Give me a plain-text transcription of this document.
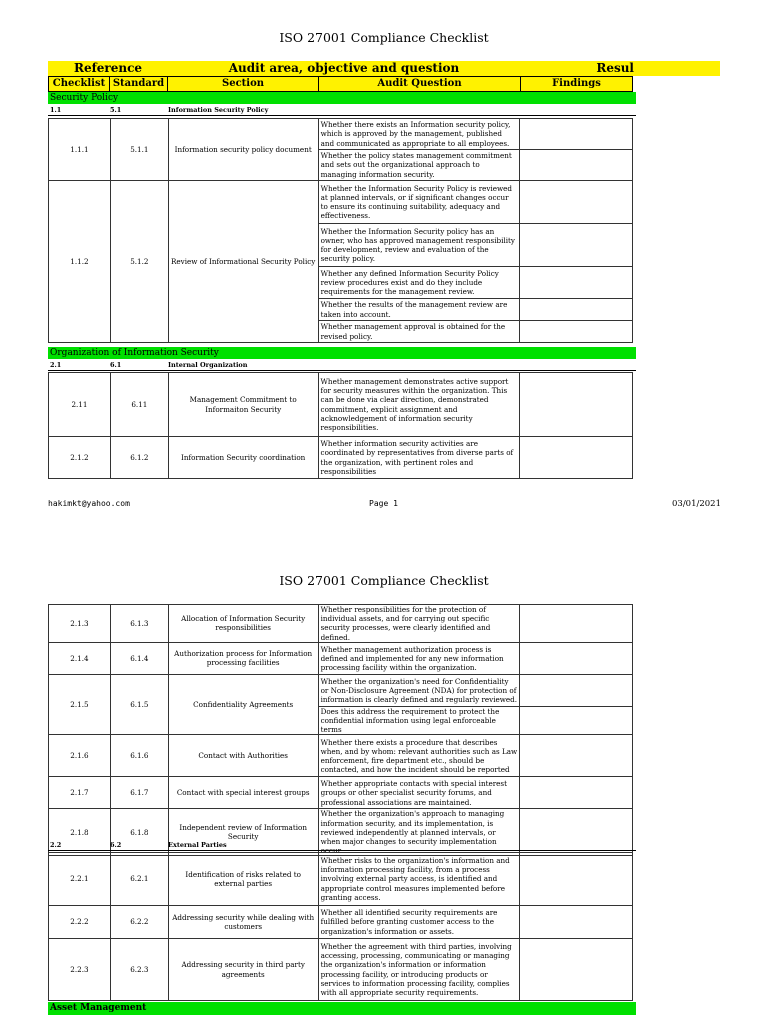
ISO 27001 Compliance Checklist
Reference	Audit area, objective and question	Resul
Checklist Standard	Section	Audit Question	Findings
Security Policy
1.1	5.1	Information Security Policy
1.1.1	5.1.1	Information security policy document	Whether there exists an Information security policy, which is approved by the management, published and communicated as appropriate to all employees.	
			Whether the policy states management commitment and sets out the organizational approach to managing information security.	
1.1.2	5.1.2	Review of Informational Security Policy	Whether the Information Security Policy is reviewed at planned intervals, or if significant changes occur to ensure its continuing suitability, adequacy and effectiveness.	
			Whether the Information Security policy has an owner, who has approved management responsibility for development, review and evaluation of the security policy.	
			Whether any defined Information Security Policy review procedures exist and do they include requirements for the management review.	
			Whether the results of the management review are taken into account.	
			Whether management approval is obtained for the revised policy.	
Organization of Information Security
2.1	6.1	Internal Organization
2.11	6.11	Management Commitment to Informaiton Security	Whether management demonstrates active support for security measures within the organization. This can be done via clear direction, demonstrated commitment, explicit assignment and acknowledgement of information security responsibilities.	
2.1.2	6.1.2	Information Security coordination	Whether information security activities are coordinated by representatives from diverse parts of the organization, with pertinent roles and responsibilities	
hakimkt@yahoo.com	Page 1	03/01/2021
ISO 27001 Compliance Checklist
2.1.3	6.1.3	Allocation of Information Security responsibilities	Whether responsibilities for the protection of individual assets, and for carrying out specific security processes, were clearly identified and defined.	
2.1.4	6.1.4	Authorization process for Information processing facilities	Whether management authorization process is defined and implemented for any new information processing facility within the organization.	
2.1.5	6.1.5	Confidentiality Agreements	Whether the organization's need for Confidentiality or Non-Disclosure Agreement (NDA) for protection of information is clearly defined and regularly reviewed.	
			Does this address the requirement to protect the confidential information using legal enforceable terms	
2.1.6	6.1.6	Contact with Authorities	Whether there exists a procedure that describes when, and by whom: relevant authorities such as Law enforcement, fire department etc., should be contacted, and how the incident should be reported	
2.1.7	6.1.7	Contact with special interest groups	Whether appropriate contacts with special interest groups or other specialist security forums, and professional associations are maintained.	
2.1.8	6.1.8	Independent review of Information Security	Whether the organization's approach to managing information security, and its implementation, is reviewed independently at planned intervals, or when major changes to security implementation occur.	
2.2	6.2	External Parties
2.2.1	6.2.1	Identification of risks related to external parties	Whether risks to the organization's information and information processing facility, from a process involving external party access, is identified and appropriate control measures implemented before granting access.	
2.2.2	6.2.2	Addressing security while dealing with customers	Whether all identified security requirements are fulfilled before granting customer access to the organization's information or assets.	
2.2.3	6.2.3	Addressing security in third party agreements	Whether the agreement with third parties, involving accessing, processing, communicating or managing the organization's information or information processing facility, or introducing products or services to information processing facility, complies with all appropriate security requirements.	
Asset Management
